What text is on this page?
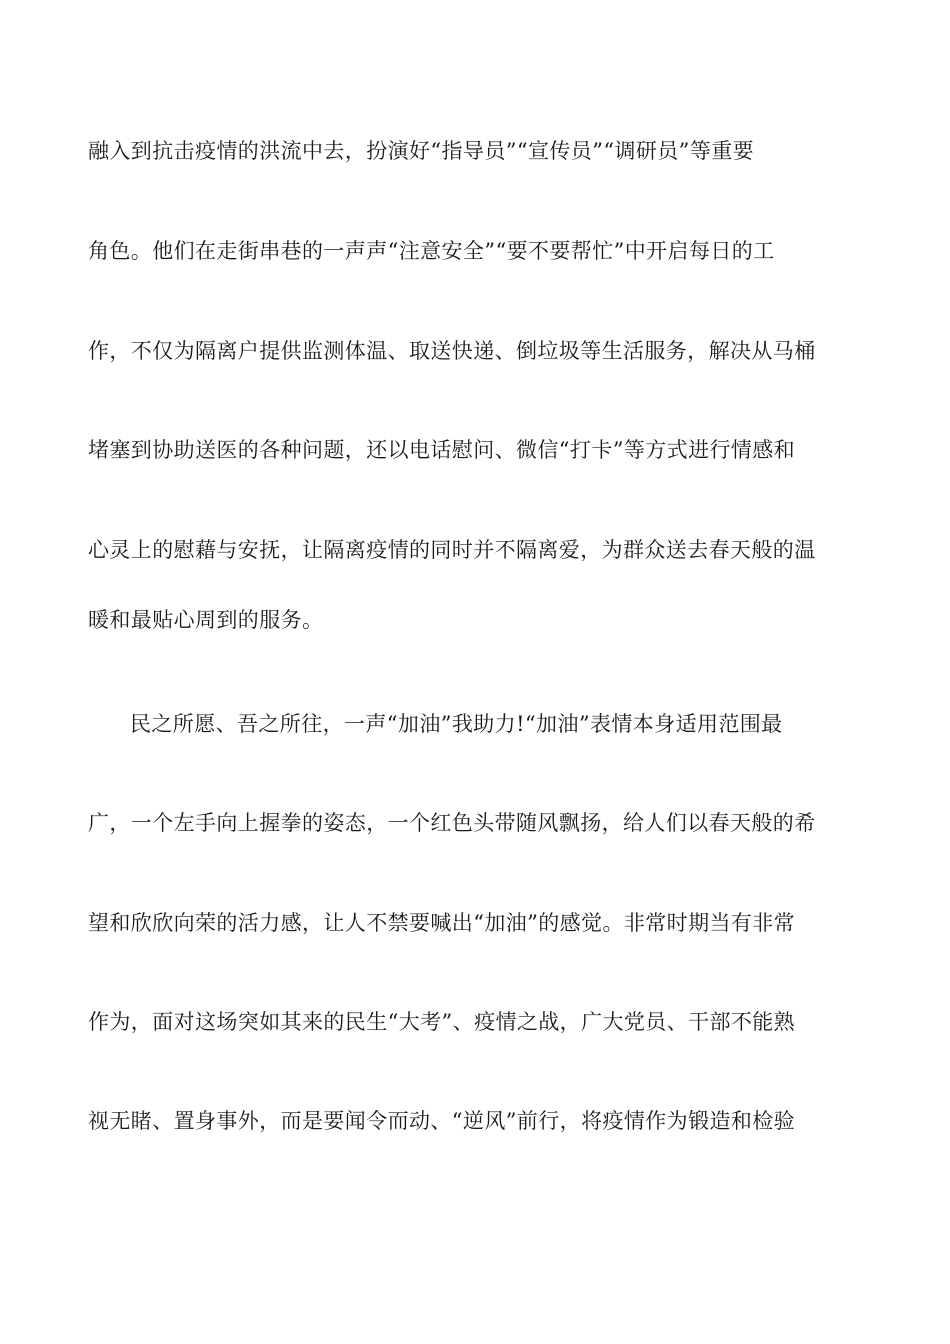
融入到抗击疫情的洪流中去，扮演好“指导员”“宣传员”“调研员”等重要
角色。他们在走街串巷的一声声“注意安全”“要不要帮忙”中开启每日的工
作，不仅为隔离户提供监测体温、取送快递、倒垃圾等生活服务，解决从马桶
堵塞到协助送医的各种问题，还以电话慰问、微信“打卡”等方式进行情感和
心灵上的慰藉与安抚，让隔离疫情的同时并不隔离爱，为群众送去春天般的温
暖和最贴心周到的服务。
民之所愿、吾之所往，一声“加油”我助力!“加油”表情本身适用范围最
广，一个左手向上握拳的姿态，一个红色头带随风飘扬，给人们以春天般的希
望和欣欣向荣的活力感，让人不禁要喊出“加油”的感觉。非常时期当有非常
作为，面对这场突如其来的民生“大考”、疫情之战，广大党员、干部不能熟
视无睹、置身事外，而是要闻令而动、“逆风”前行，将疫情作为锻造和检验
